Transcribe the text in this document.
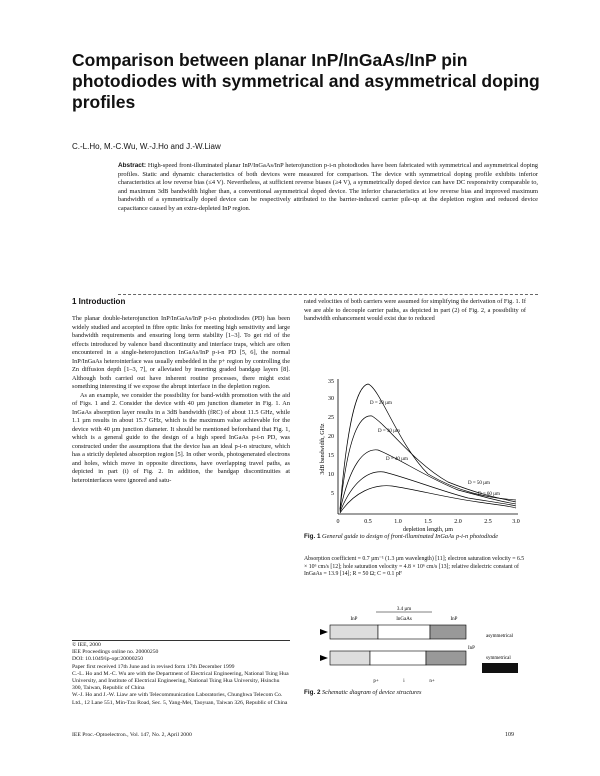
Comparison between planar InP/InGaAs/InP pin photodiodes with symmetrical and asymmetrical doping profiles
C.-L.Ho, M.-C.Wu, W.-J.Ho and J.-W.Liaw
Abstract: High-speed front-illuminated planar InP/InGaAs/InP heterojunction p-i-n photodiodes have been fabricated with symmetrical and asymmetrical doping profiles. Static and dynamic characteristics of both devices were measured for comparison. The device with symmetrical doping profile exhibits inferior characteristics at low reverse bias (≤4 V). Nevertheless, at sufficient reverse biases (≥4 V), a symmetrically doped device can have DC responsivity comparable to, and maximum 3dB bandwidth higher than, a conventional asymmetrical doped device. The inferior characteristics at low reverse bias and improved maximum bandwidth of a symmetrically doped device can be respectively attributed to the barrier-induced carrier pile-up at the depletion region and reduced device capacitance caused by an extra-depleted InP region.
1 Introduction

The planar double-heterojunction InP/InGaAs/InP p-i-n photodiodes (PD) has been widely studied and accepted in fibre optic links for meeting high sensitivity and large bandwidth requirements and ensuring long term stability [1–3]. To get rid of the effects introduced by valence band discontinuity and interface traps, which are often encountered in a single-heterojunction InGaAs/InP p-i-n PD [5, 6], the normal InP/InGaAs heterointerface was usually embedded in the p+ region by controlling the Zn diffusion depth [1–3, 7], or alleviated by inserting graded bandgap layers [8]. Although both carried out have inherent routine processes, there might exist something interesting if we expose the abrupt interface in the depletion region.

As an example, we consider the possibility for band-width promotion with the aid of Figs. 1 and 2. Consider the device with 40 µm junction diameter in Fig. 1. An InGaAs absorption layer results in a 3dB bandwidth (fRC) of about 11.5 GHz, while 1.1 µm results in about 15.7 GHz, which is the maximum value achievable for the device with 40 µm junction diameter. It should be mentioned beforehand that Fig. 1, which is a general guide to the design of a high speed InGaAs p-i-n PD, was constructed under the assumptions that the device has an ideal p-i-n structure, which has a strictly depleted absorption region [5]. In other words, photogenerated electrons and holes, which move in opposite directions, have overlapping travel paths, as depicted in part (i) of Fig. 2. In addition, the bandgap discontinuities at heterointerfaces were ignored and satu-

rated velocities of both carriers were assumed for simplifying the derivation of Fig. 1. If we are able to decouple carrier paths, as depicted in part (2) of Fig. 2, a possibility of bandwidth enhancement would exist due to reduced

5
10
15
20
25
30
35
0	0.5	1.0	1.5	2.0	2.5	3.0
depletion length, µm
3dB bandwidth, GHz
D = 20 µm
D = 30 µm
D = 40 µm
D = 50 µm
D = 60 µm
Fig. 1 General guide to design of front-illuminated InGaAs p-i-n photodiode
Absorption coefficient = 0.7 µm⁻¹ (1.3 µm wavelength) [11]; electron saturation velocity = 6.5 × 10⁶ cm/s [12]; hole saturation velocity = 4.8 × 10⁶ cm/s [13]; relative dielectric constant of InGaAs = 13.9 [14]; R = 50 Ω; C = 0.1 pF
3.4 µm
InP	InGaAs	InP
p+	i	n+
asymmetrical
symmetrical
InP
Fig. 2 Schematic diagram of device structures

© IEE, 2000

IEE Proceedings online no. 20000250

DOI: 10.1049/ip-opt:20000250

Paper first received 17th June and in revised form 17th December 1999

C.-L. Ho and M.-C. Wu are with the Department of Electrical Engineering, National Tsing Hua University, and Institute of Electrical Engineering, National Tsing Hua University, Hsinchu 300, Taiwan, Republic of China

W.-J. Ho and J.-W. Liaw are with Telecommunication Laboratories, Chunghwa Telecom Co. Ltd., 12 Lane 551, Min-Tzu Road, Sec. 5, Yang-Mei, Taoyuan, Taiwan 326, Republic of China

IEE Proc.-Optoelectron., Vol. 147, No. 2, April 2000	109
